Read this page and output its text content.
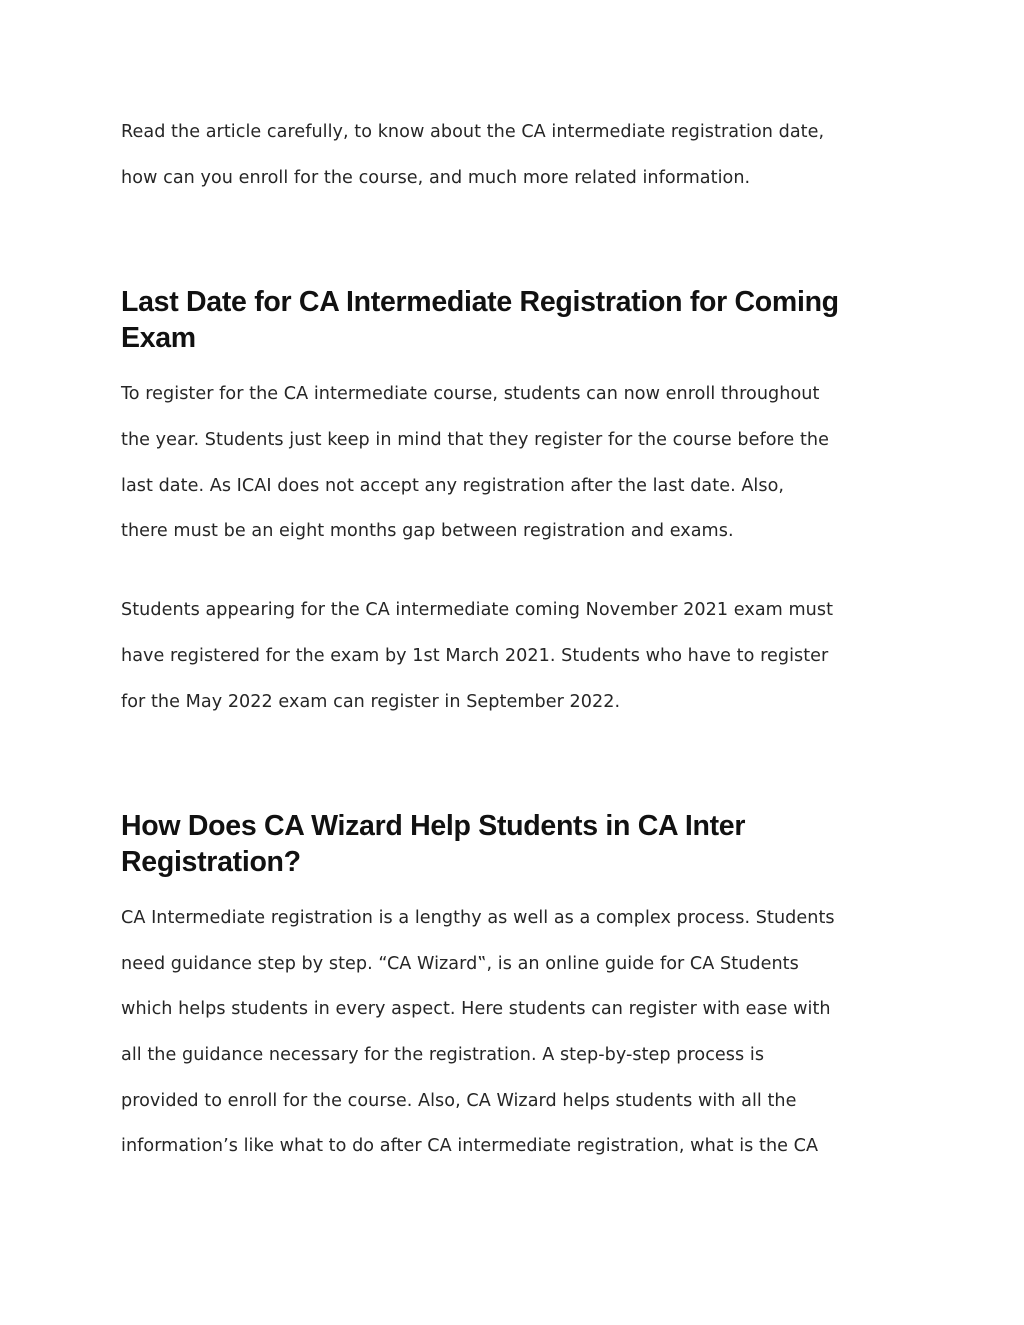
Read the article carefully, to know about the CA intermediate registration date,

how can you enroll for the course, and much more related information.

Last Date for CA Intermediate Registration for Coming
Exam

To register for the CA intermediate course, students can now enroll throughout

the year. Students just keep in mind that they register for the course before the

last date. As ICAI does not accept any registration after the last date. Also,

there must be an eight months gap between registration and exams.

Students appearing for the CA intermediate coming November 2021 exam must

have registered for the exam by 1st March 2021. Students who have to register

for the May 2022 exam can register in September 2022.

How Does CA Wizard Help Students in CA Inter
Registration?

CA Intermediate registration is a lengthy as well as a complex process. Students

need guidance step by step. “CA Wizard‟, is an online guide for CA Students

which helps students in every aspect. Here students can register with ease with

all the guidance necessary for the registration. A step-by-step process is

provided to enroll for the course. Also, CA Wizard helps students with all the

information’s like what to do after CA intermediate registration, what is the CA
